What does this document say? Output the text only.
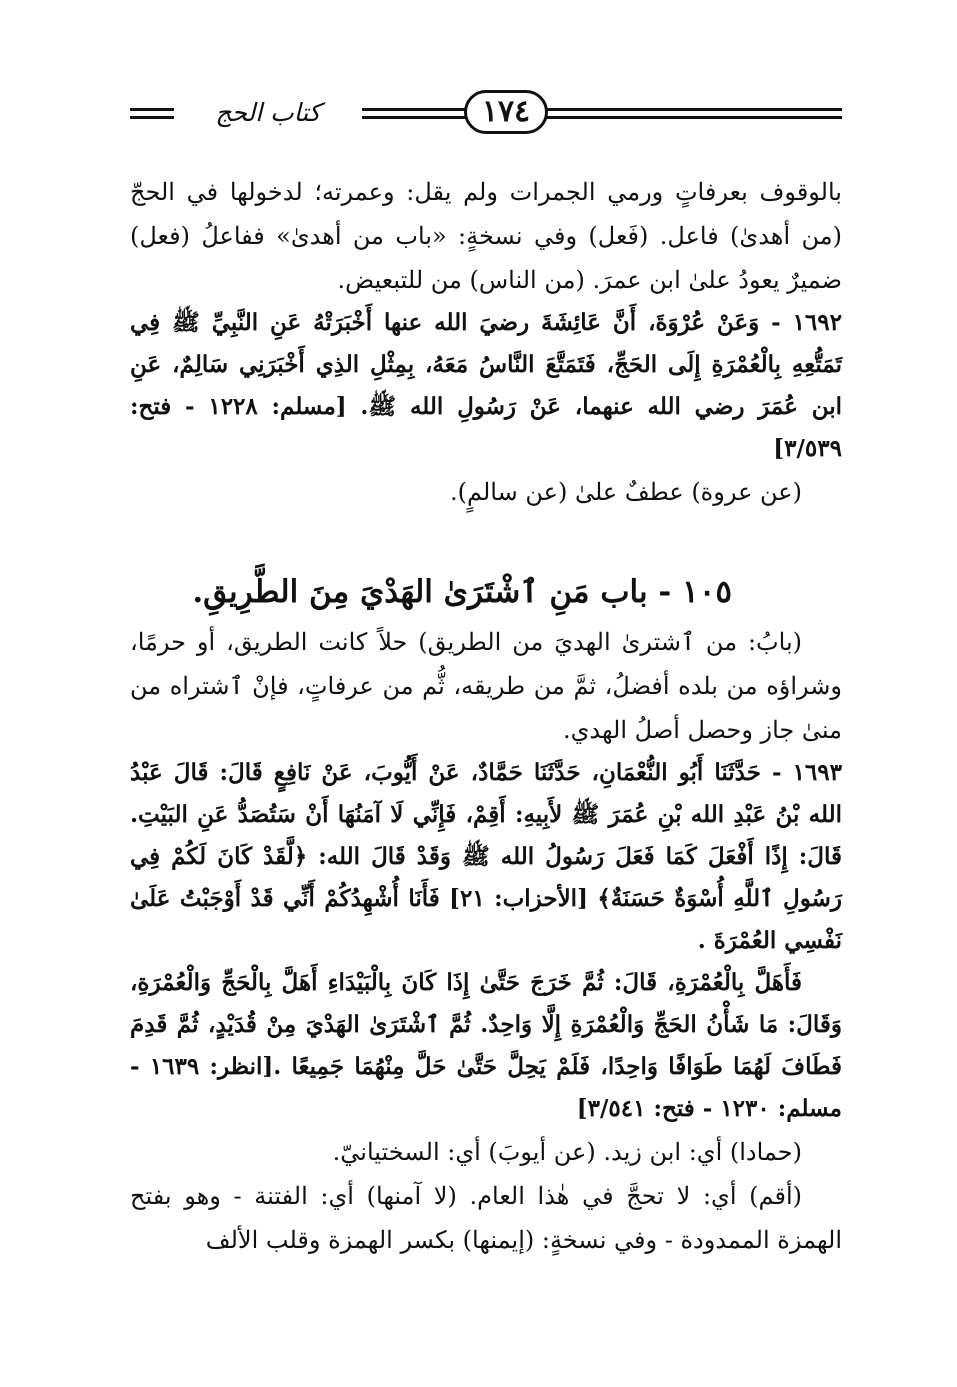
كتاب الحج	١٧٤

بالوقوف بعرفاتٍ ورمي الجمرات ولم يقل: وعمرته؛ لدخولها في الحجّ (من أهدىٰ) فاعل. (فَعل) وفي نسخةٍ: «باب من أهدىٰ» ففاعلُ (فعل) ضميرٌ يعودُ علىٰ ابن عمرَ. (من الناس) من للتبعيض.

١٦٩٢ - وَعَنْ عُرْوَةَ، أَنَّ عَائِشَةَ رضيَ الله عنها أَخْبَرَتْهُ عَنِ النَّبِيِّ ﷺ فِي تَمَتُّعِهِ بِالْعُمْرَةِ إِلَى الحَجِّ، فَتَمَتَّعَ النَّاسُ مَعَهُ، بِمِثْلِ الذِي أَخْبَرَنِي سَالِمٌ، عَنِ ابن عُمَرَ رضي الله عنهما، عَنْ رَسُولِ الله ﷺ. [مسلم: ١٢٢٨ - فتح: ٣/٥٣٩]

(عن عروة) عطفٌ علىٰ (عن سالمٍ).

١٠٥ - باب مَنِ ٱشْتَرَىٰ الهَدْيَ مِنَ الطَّرِيقِ.

(بابُ: من ٱشترىٰ الهديَ من الطريق) حلاً كانت الطريق، أو حرمًا، وشراؤه من بلده أفضلُ، ثمَّ من طريقه، ثُّم من عرفاتٍ، فإنْ ٱشتراه من منىٰ جاز وحصل أصلُ الهدي.

١٦٩٣ - حَدَّثَنَا أَبُو النُّعْمَانِ، حَدَّثَنَا حَمَّادٌ، عَنْ أَيُّوبَ، عَنْ نَافِعٍ قَالَ: قَالَ عَبْدُ الله بْنُ عَبْدِ الله بْنِ عُمَرَ ﷺ لأَبِيهِ: أَقِمْ، فَإِنِّي لَا آمَنُهَا أَنْ سَتُصَدُّ عَنِ البَيْتِ. قَالَ: إِذًا أَفْعَلَ كَمَا فَعَلَ رَسُولُ الله ﷺ وَقَدْ قَالَ الله: ﴿لَّقَدْ كَانَ لَكُمْ فِي رَسُولِ ٱللَّهِ أُسْوَةٌ حَسَنَةٌ﴾ [الأحزاب: ٢١] فَأَنَا أُشْهِدُكُمْ أَنِّي قَدْ أَوْجَبْتُ عَلَىٰ نَفْسِي العُمْرَةَ .

فَأَهَلَّ بِالْعُمْرَةِ، قَالَ: ثُمَّ خَرَجَ حَتَّىٰ إِذَا كَانَ بِالْبَيْدَاءِ أَهَلَّ بِالْحَجِّ وَالْعُمْرَةِ، وَقَالَ: مَا شَأْنُ الحَجِّ وَالْعُمْرَةِ إِلَّا وَاحِدٌ. ثُمَّ ٱشْتَرَىٰ الهَدْيَ مِنْ قُدَيْدٍ، ثُمَّ قَدِمَ فَطَافَ لَهُمَا طَوَافًا وَاحِدًا، فَلَمْ يَحِلَّ حَتَّىٰ حَلَّ مِنْهُمَا جَمِيعًا .[انظر: ١٦٣٩ - مسلم: ١٢٣٠ - فتح: ٣/٥٤١]

(حمادا) أي: ابن زيد. (عن أيوبَ) أي: السختيانيّ.

(أقم) أي: لا تحجَّ في هٰذا العام. (لا آمنها) أي: الفتنة - وهو بفتح الهمزة الممدودة - وفي نسخةٍ: (إيمنها) بكسر الهمزة وقلب الألف
